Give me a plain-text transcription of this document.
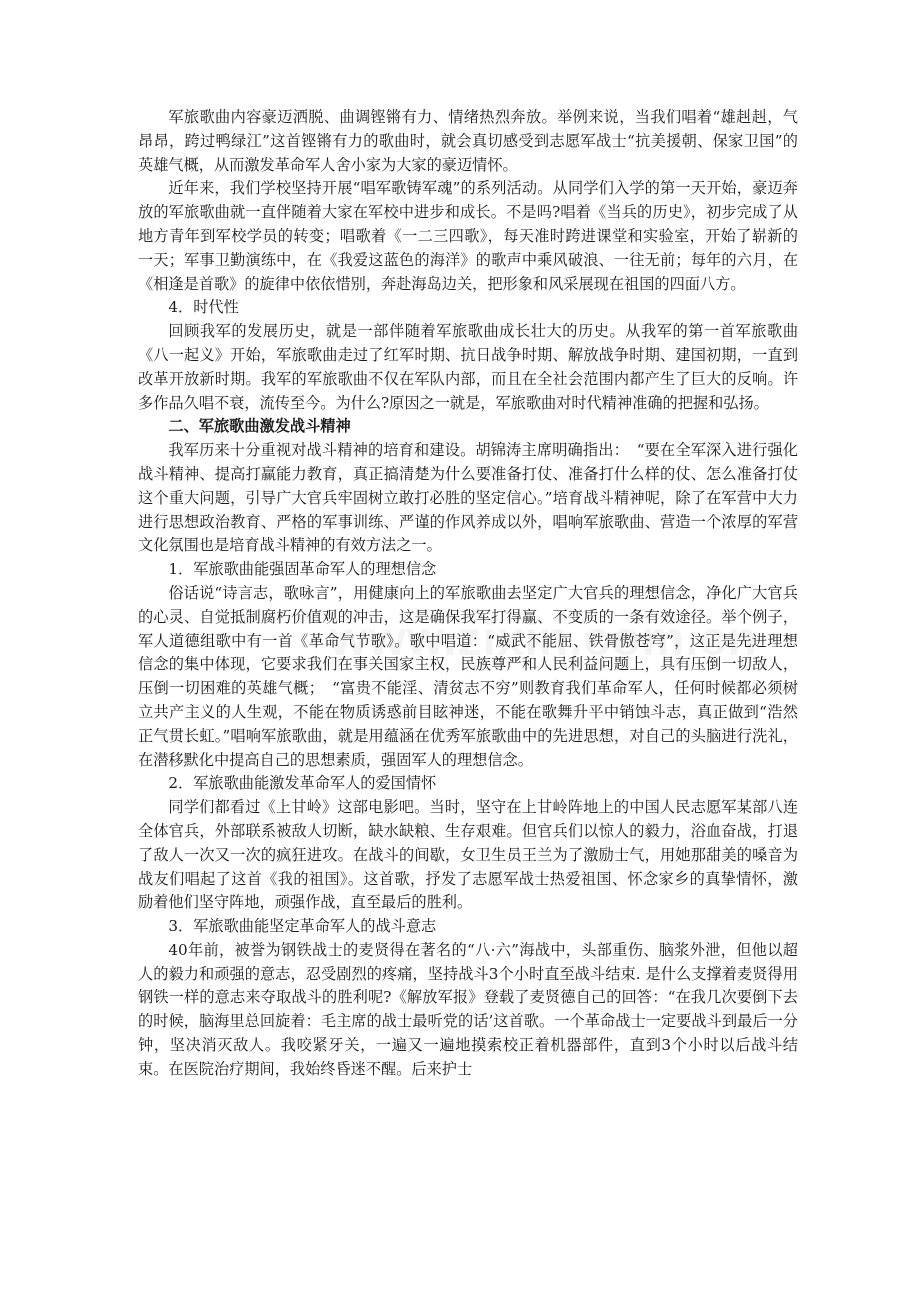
军旅歌曲内容豪迈洒脱、曲调铿锵有力、情绪热烈奔放。举例来说，当我们唱着“雄赳赳，气昂昂，跨过鸭绿江”这首铿锵有力的歌曲时，就会真切感受到志愿军战士“抗美援朝、保家卫国”的英雄气概，从而激发革命军人舍小家为大家的豪迈情怀。

近年来，我们学校坚持开展“唱军歌铸军魂”的系列活动。从同学们入学的第一天开始，豪迈奔放的军旅歌曲就一直伴随着大家在军校中进步和成长。不是吗?唱着《当兵的历史》，初步完成了从地方青年到军校学员的转变；唱歌着《一二三四歌》，每天准时跨进课堂和实验室，开始了崭新的一天；军事卫勤演练中，在《我爱这蓝色的海洋》的歌声中乘风破浪、一往无前；每年的六月，在《相逢是首歌》的旋律中依依惜别，奔赴海岛边关，把形象和风采展现在祖国的四面八方。

4．时代性

回顾我军的发展历史，就是一部伴随着军旅歌曲成长壮大的历史。从我军的第一首军旅歌曲《八一起义》开始，军旅歌曲走过了红军时期、抗日战争时期、解放战争时期、建国初期，一直到改革开放新时期。我军的军旅歌曲不仅在军队内部，而且在全社会范围内都产生了巨大的反响。许多作品久唱不衰，流传至今。为什么?原因之一就是，军旅歌曲对时代精神准确的把握和弘扬。

二、军旅歌曲激发战斗精神

我军历来十分重视对战斗精神的培育和建设。胡锦涛主席明确指出：　“要在全军深入进行强化战斗精神、提高打赢能力教育，真正搞清楚为什么要准备打仗、准备打什么样的仗、怎么准备打仗这个重大问题，引导广大官兵牢固树立敢打必胜的坚定信心。”培育战斗精神呢，除了在军营中大力进行思想政治教育、严格的军事训练、严谨的作风养成以外，唱响军旅歌曲、营造一个浓厚的军营文化氛围也是培育战斗精神的有效方法之一。

1．军旅歌曲能强固革命军人的理想信念

俗话说“诗言志，歌咏言”，用健康向上的军旅歌曲去坚定广大官兵的理想信念，净化广大官兵的心灵、自觉抵制腐朽价值观的冲击，这是确保我军打得赢、不变质的一条有效途径。举个例子，军人道德组歌中有一首《革命气节歌》。歌中唱道：“威武不能屈、铁骨傲苍穹”，这正是先进理想信念的集中体现，它要求我们在事关国家主权，民族尊严和人民利益问题上，具有压倒一切敌人，压倒一切困难的英雄气概；　“富贵不能淫、清贫志不穷”则教育我们革命军人，任何时候都必须树立共产主义的人生观，不能在物质诱惑前目眩神迷，不能在歌舞升平中销蚀斗志，真正做到“浩然正气贯长虹。”唱响军旅歌曲，就是用蕴涵在优秀军旅歌曲中的先进思想，对自己的头脑进行洗礼，在潜移默化中提高自己的思想素质，强固军人的理想信念。

2．军旅歌曲能激发革命军人的爱国情怀

同学们都看过《上甘岭》这部电影吧。当时，坚守在上甘岭阵地上的中国人民志愿军某部八连全体官兵，外部联系被敌人切断，缺水缺粮、生存艰难。但官兵们以惊人的毅力，浴血奋战，打退了敌人一次又一次的疯狂进攻。在战斗的间歇，女卫生员王兰为了激励士气，用她那甜美的嗓音为战友们唱起了这首《我的祖国》。这首歌，抒发了志愿军战士热爱祖国、怀念家乡的真挚情怀，激励着他们坚守阵地，顽强作战，直至最后的胜利。

3．军旅歌曲能坚定革命军人的战斗意志

40年前，被誉为钢铁战士的麦贤得在著名的“八·六”海战中，头部重伤、脑浆外泄，但他以超人的毅力和顽强的意志，忍受剧烈的疼痛，坚持战斗3个小时直至战斗结束. 是什么支撑着麦贤得用钢铁一样的意志来夺取战斗的胜利呢?《解放军报》登载了麦贤德自己的回答：“在我几次要倒下去的时候，脑海里总回旋着：毛主席的战士最听党的话’这首歌。一个革命战士一定要战斗到最后一分钟，坚决消灭敌人。我咬紧牙关，一遍又一遍地摸索校正着机器部件，直到3个小时以后战斗结束。在医院治疗期间，我始终昏迷不醒。后来护士
